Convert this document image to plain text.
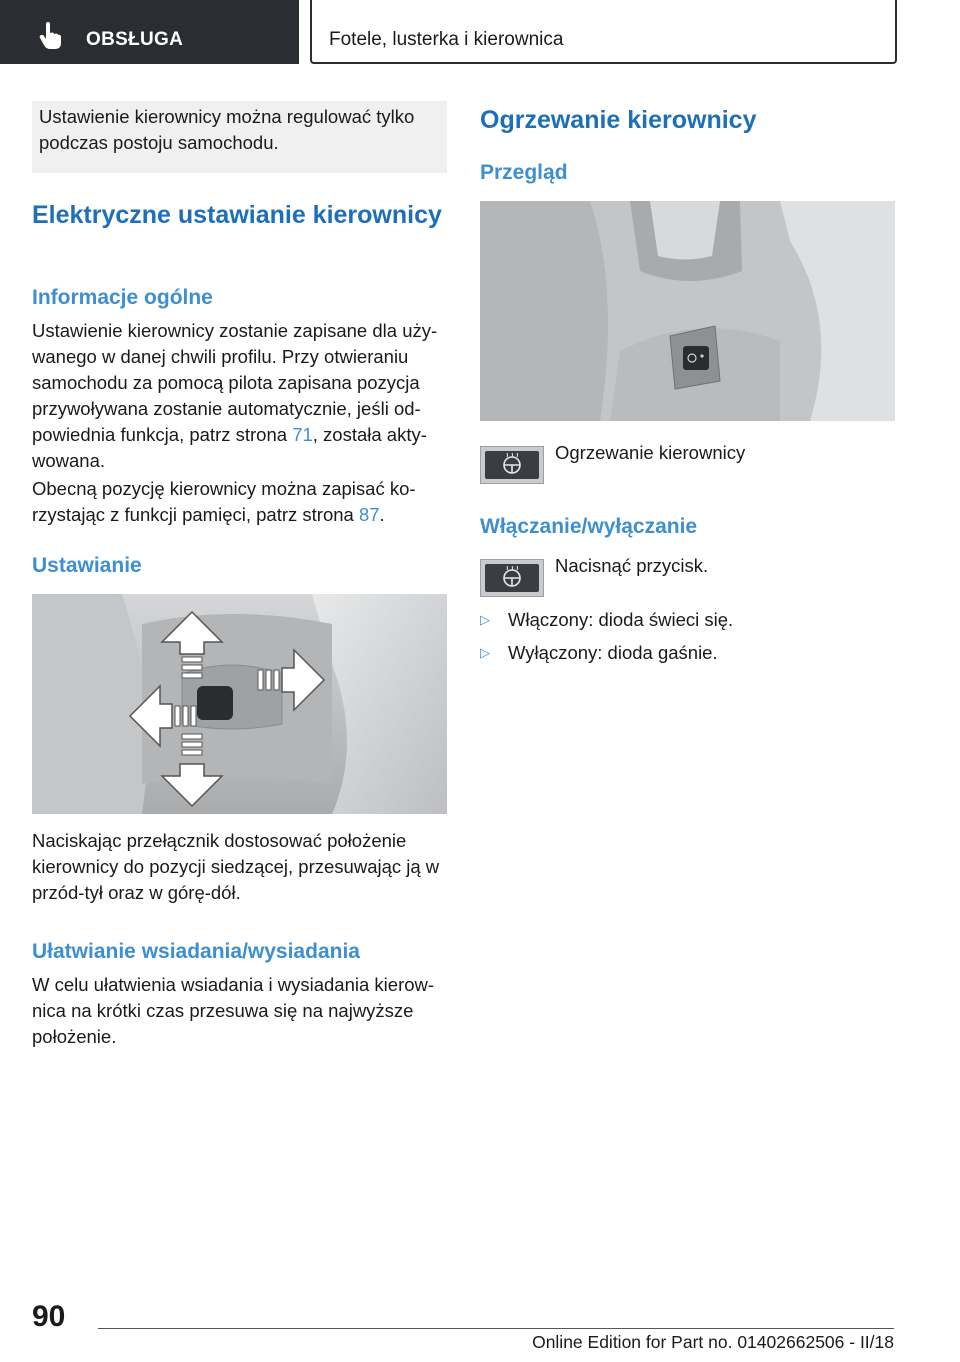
OBSŁUGA	Fotele, lusterka i kierownica

Ustawienie kierownicy można regulować tylko podczas postoju samochodu.

Elektryczne ustawianie kierownicy
Informacje ogólne

Ustawienie kierownicy zostanie zapisane dla używanego w danej chwili profilu. Przy otwieraniu samochodu za pomocą pilota zapisana pozycja przywoływana zostanie automatycznie, jeśli odpowiednia funkcja, patrz strona 71, została aktywowana.

Obecną pozycję kierownicy można zapisać korzystając z funkcji pamięci, patrz strona 87.

Ustawianie

Naciskając przełącznik dostosować położenie kierownicy do pozycji siedzącej, przesuwając ją w przód-tył oraz w górę-dół.

Ułatwianie wsiadania/wysiadania

W celu ułatwienia wsiadania i wysiadania kierownica na krótki czas przesuwa się na najwyższe położenie.

Ogrzewanie kierownicy
Przegląd

Ogrzewanie kierownicy

Włączanie/wyłączanie

Nacisnąć przycisk.

▷ Włączony: dioda świeci się.

▷ Wyłączony: dioda gaśnie.

90
Online Edition for Part no. 01402662506 - II/18
